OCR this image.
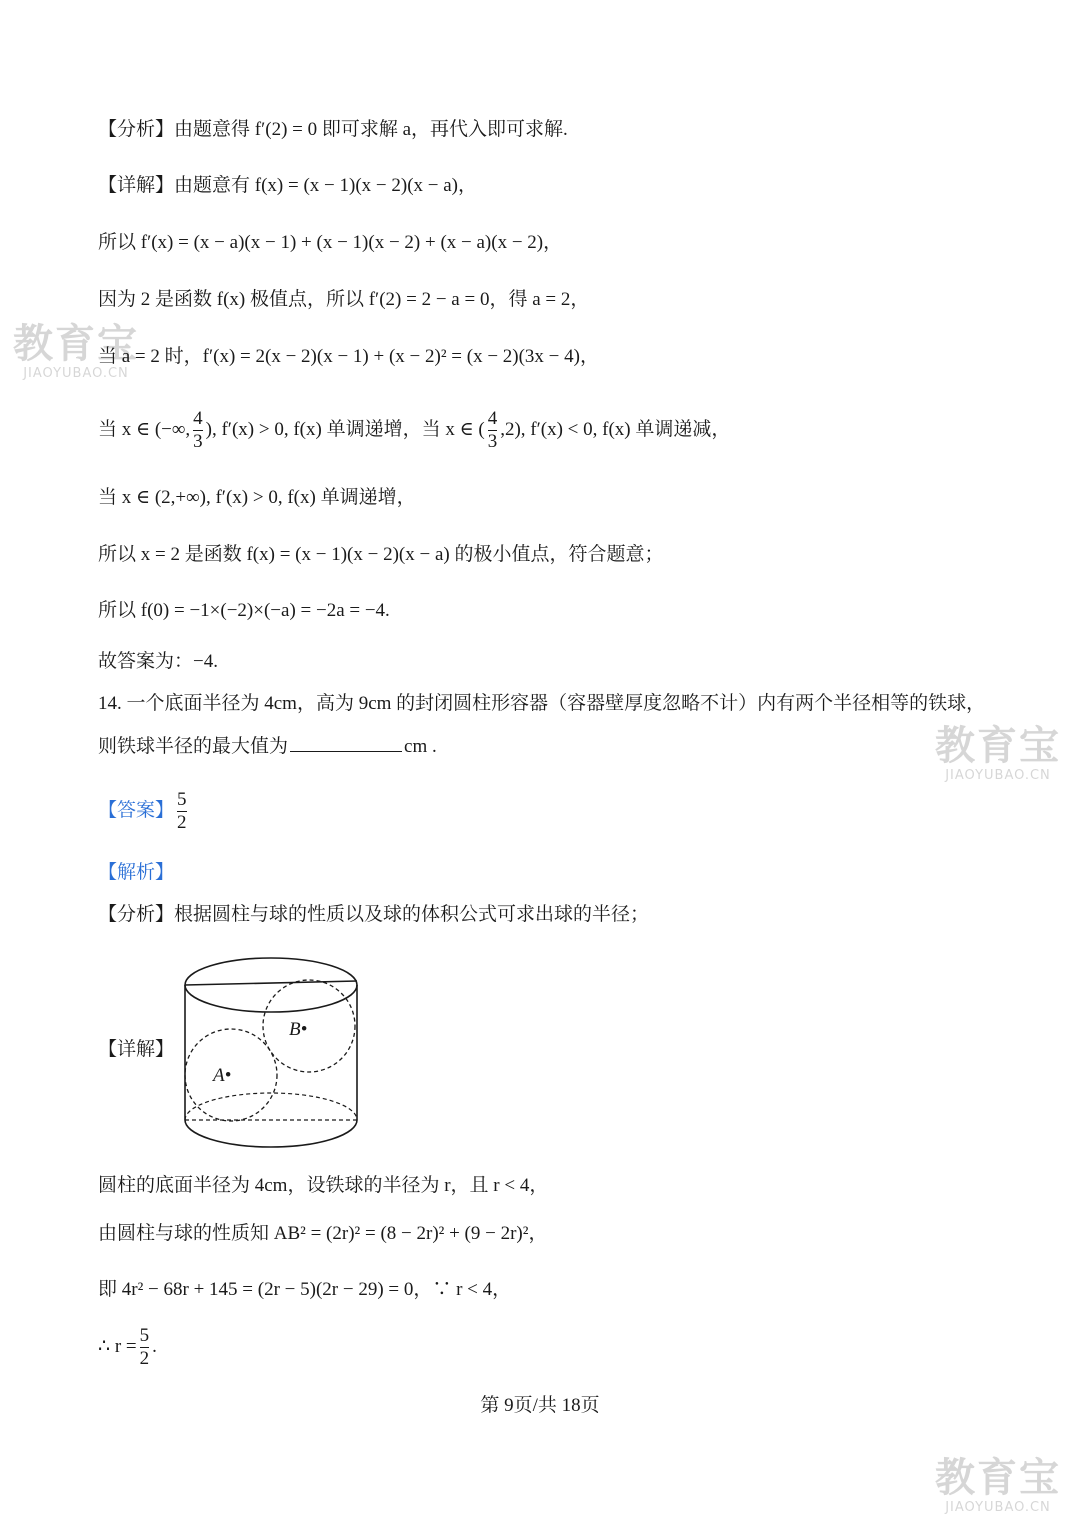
教育宝
JIAOYUBAO.CN
教育宝
JIAOYUBAO.CN
教育宝
JIAOYUBAO.CN
【分析】由题意得 f′(2) = 0 即可求解 a，再代入即可求解.
【详解】由题意有 f(x) = (x − 1)(x − 2)(x − a)，
所以 f′(x) = (x − a)(x − 1) + (x − 1)(x − 2) + (x − a)(x − 2)，
因为 2 是函数 f(x) 极值点，所以 f′(2) = 2 − a = 0，得 a = 2，
当 a = 2 时，f′(x) = 2(x − 2)(x − 1) + (x − 2)² = (x − 2)(3x − 4)，
当 x ∈ (−∞, $\frac{4}{3}$ ), f′(x) > 0, f(x) 单调递增，当 x ∈ ( $\frac{4}{3} ,2$), f′(x) < 0, f(x) 单调递减，
当 x ∈ (2,+∞), f′(x) > 0, f(x) 单调递增，
所以 x = 2 是函数 f(x) = (x − 1)(x − 2)(x − a) 的极小值点，符合题意；
所以 f(0) = −1×(−2)×(−a) = −2a = −4.
故答案为：−4.
14. 一个底面半径为 4cm，高为 9cm 的封闭圆柱形容器（容器壁厚度忽略不计）内有两个半径相等的铁球，
则铁球半径的最大值为	cm .
【答案】 $\frac{5}{2}$
【解析】
【分析】根据圆柱与球的性质以及球的体积公式可求出球的半径；
【详解】
A•
B•
圆柱的底面半径为 4cm，设铁球的半径为 r，且 r < 4，
由圆柱与球的性质知 AB² = (2r)² = (8 − 2r)² + (9 − 2r)²，
即 4r² − 68r + 145 = (2r − 5)(2r − 29) = 0，∵ r < 4，
∴ $r = \frac{5}{2}$ .
第 9页/共 18页
